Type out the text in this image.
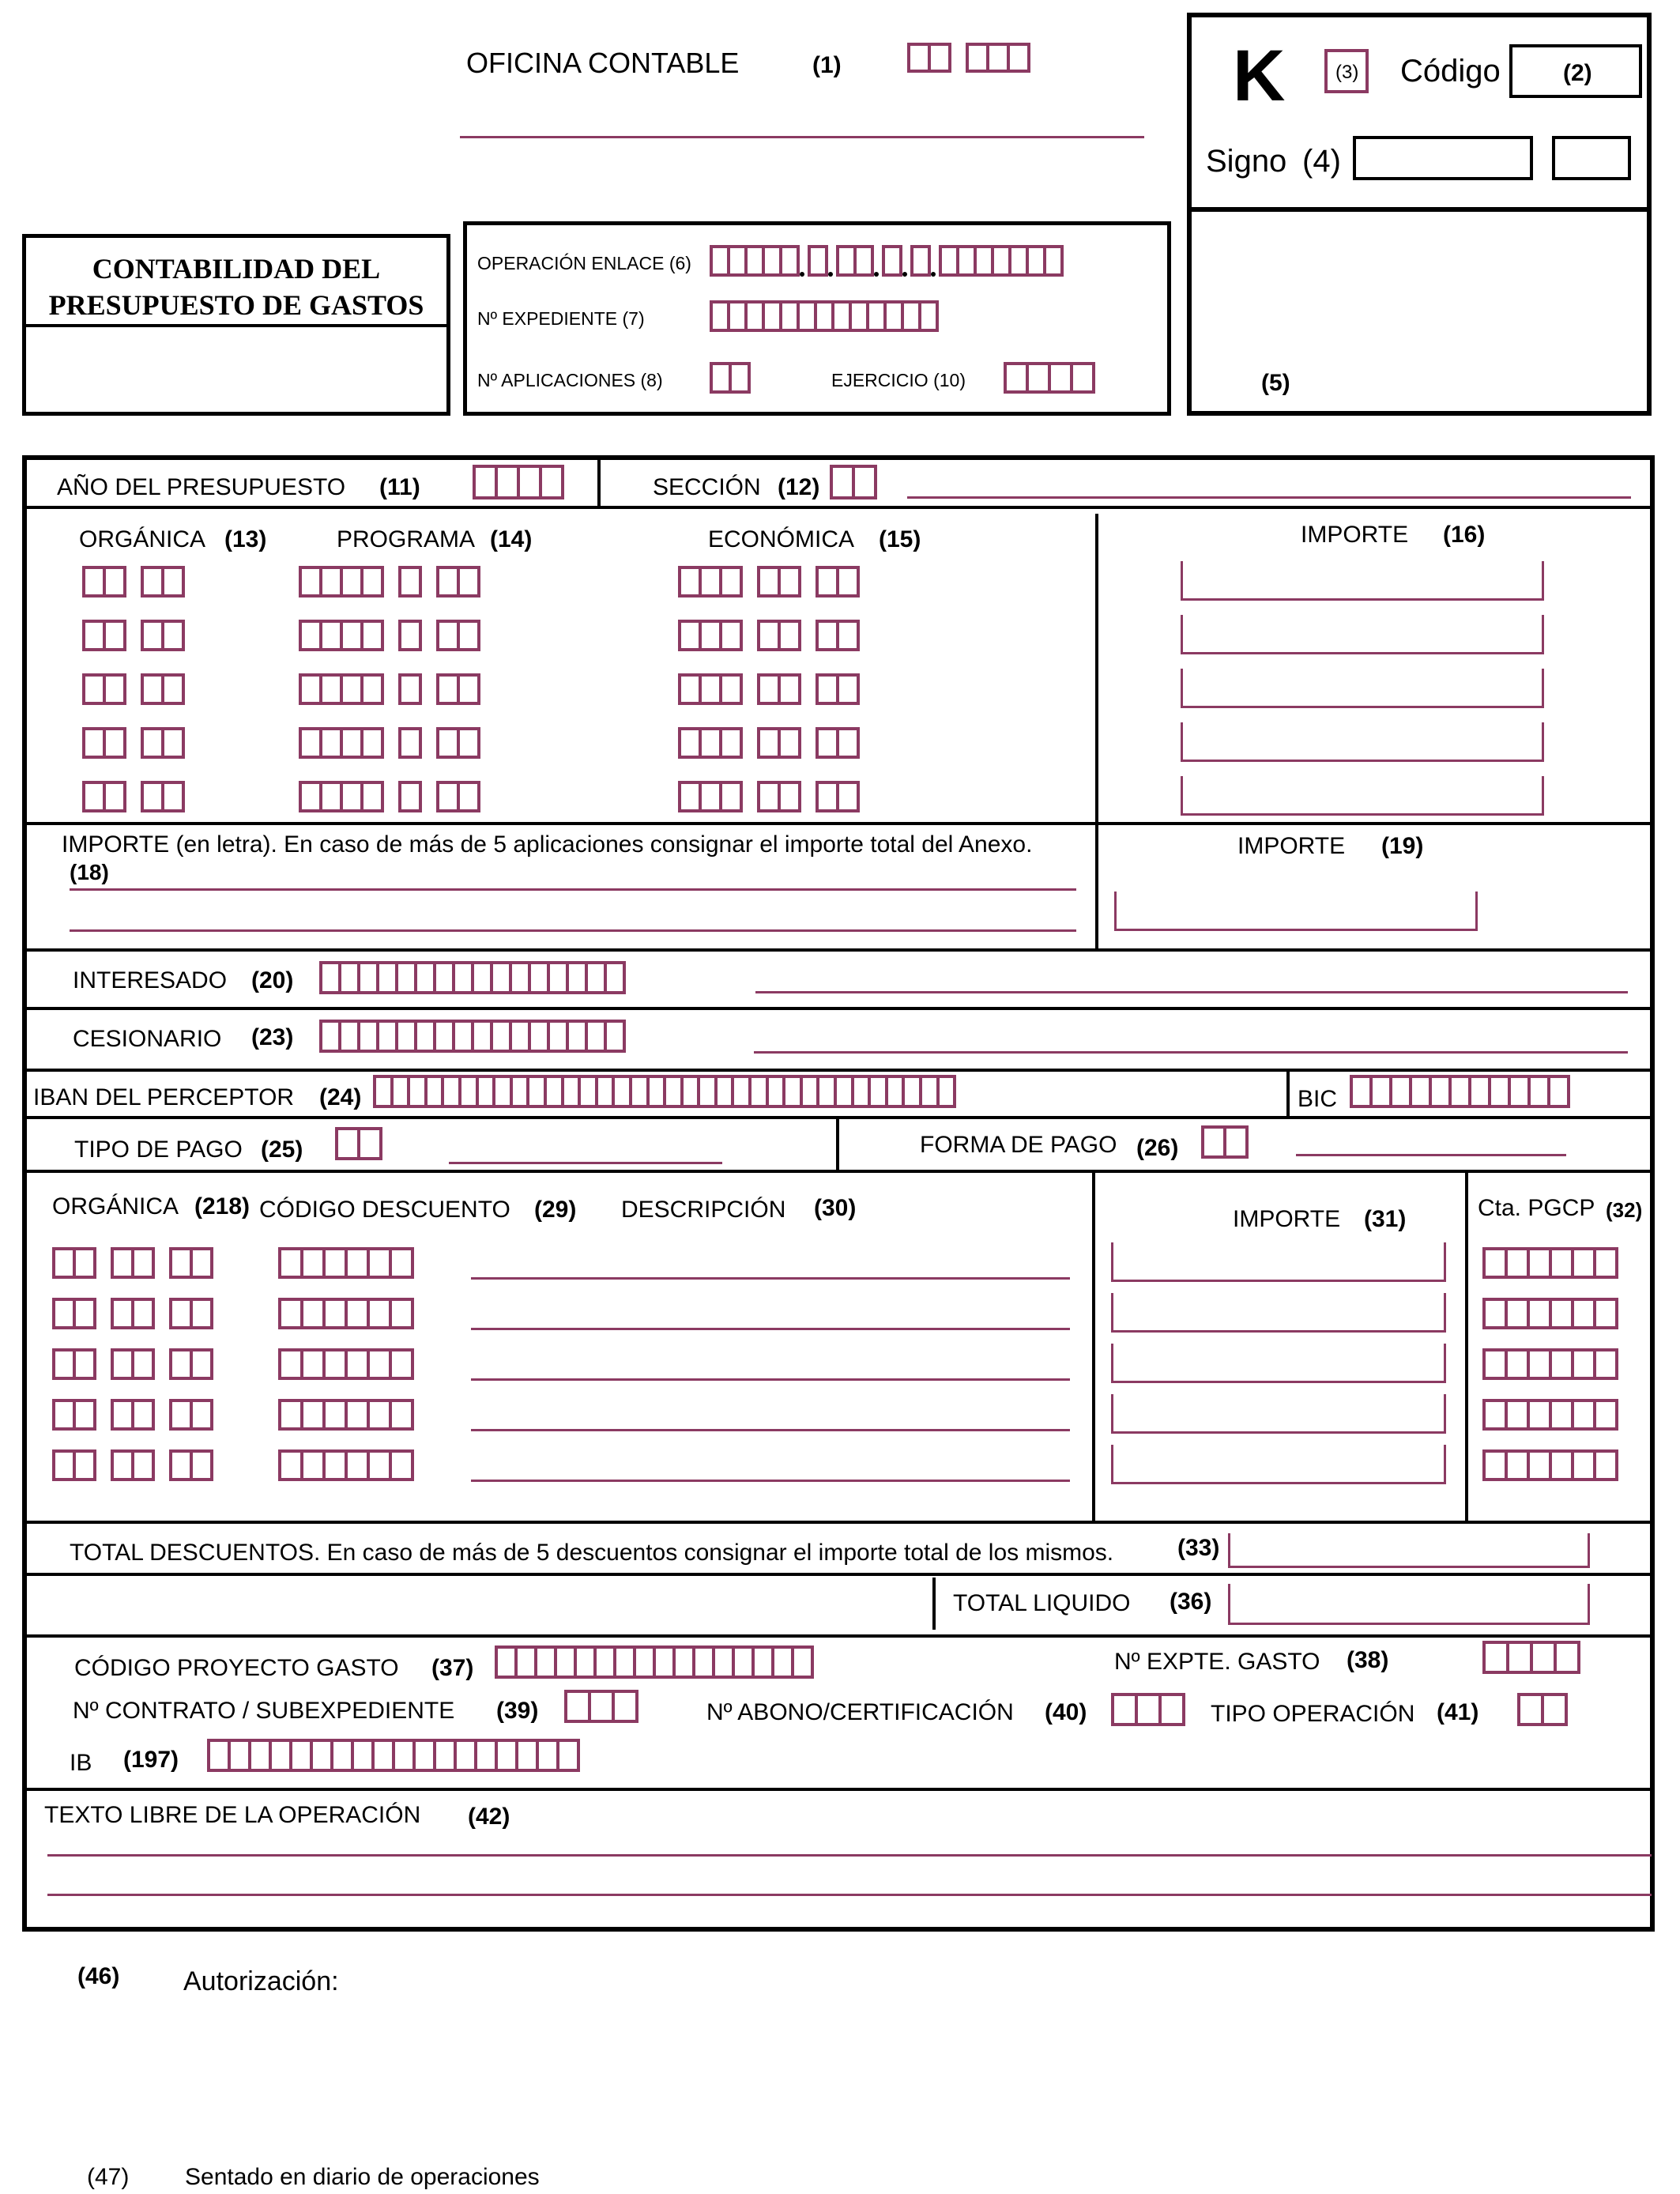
OFICINA CONTABLE	(1)	K	(3) Código	(2)
Signo (4)
(5)
CONTABILIDAD DEL
PRESUPUESTO DE GASTOS
OPERACIÓN ENLACE (6)
Nº EXPEDIENTE (7)
Nº APLICACIONES (8)	EJERCICIO (10)
AÑO DEL PRESUPUESTO (11)	SECCIÓN (12)
ORGÁNICA (13)	PROGRAMA (14)	ECONÓMICA (15)	IMPORTE (16)
IMPORTE (en letra). En caso de más de 5 aplicaciones consignar el importe total del Anexo.
(18)
IMPORTE (19)
INTERESADO (20)
CESIONARIO (23)
IBAN DEL PERCEPTOR (24)	BIC
TIPO DE PAGO (25)	FORMA DE PAGO (26)
ORGÁNICA (218) CÓDIGO DESCUENTO (29) DESCRIPCIÓN (30)	IMPORTE (31)	Cta. PGCP (32)
TOTAL DESCUENTOS. En caso de más de 5 descuentos consignar el importe total de los mismos.	(33)
TOTAL LIQUIDO (36)
CÓDIGO PROYECTO GASTO (37)	Nº EXPTE. GASTO (38)
Nº CONTRATO / SUBEXPEDIENTE (39)	Nº ABONO/CERTIFICACIÓN (40)	TIPO OPERACIÓN (41)
IB (197)
TEXTO LIBRE DE LA OPERACIÓN (42)
(46) Autorización:
(47) Sentado en diario de operaciones
